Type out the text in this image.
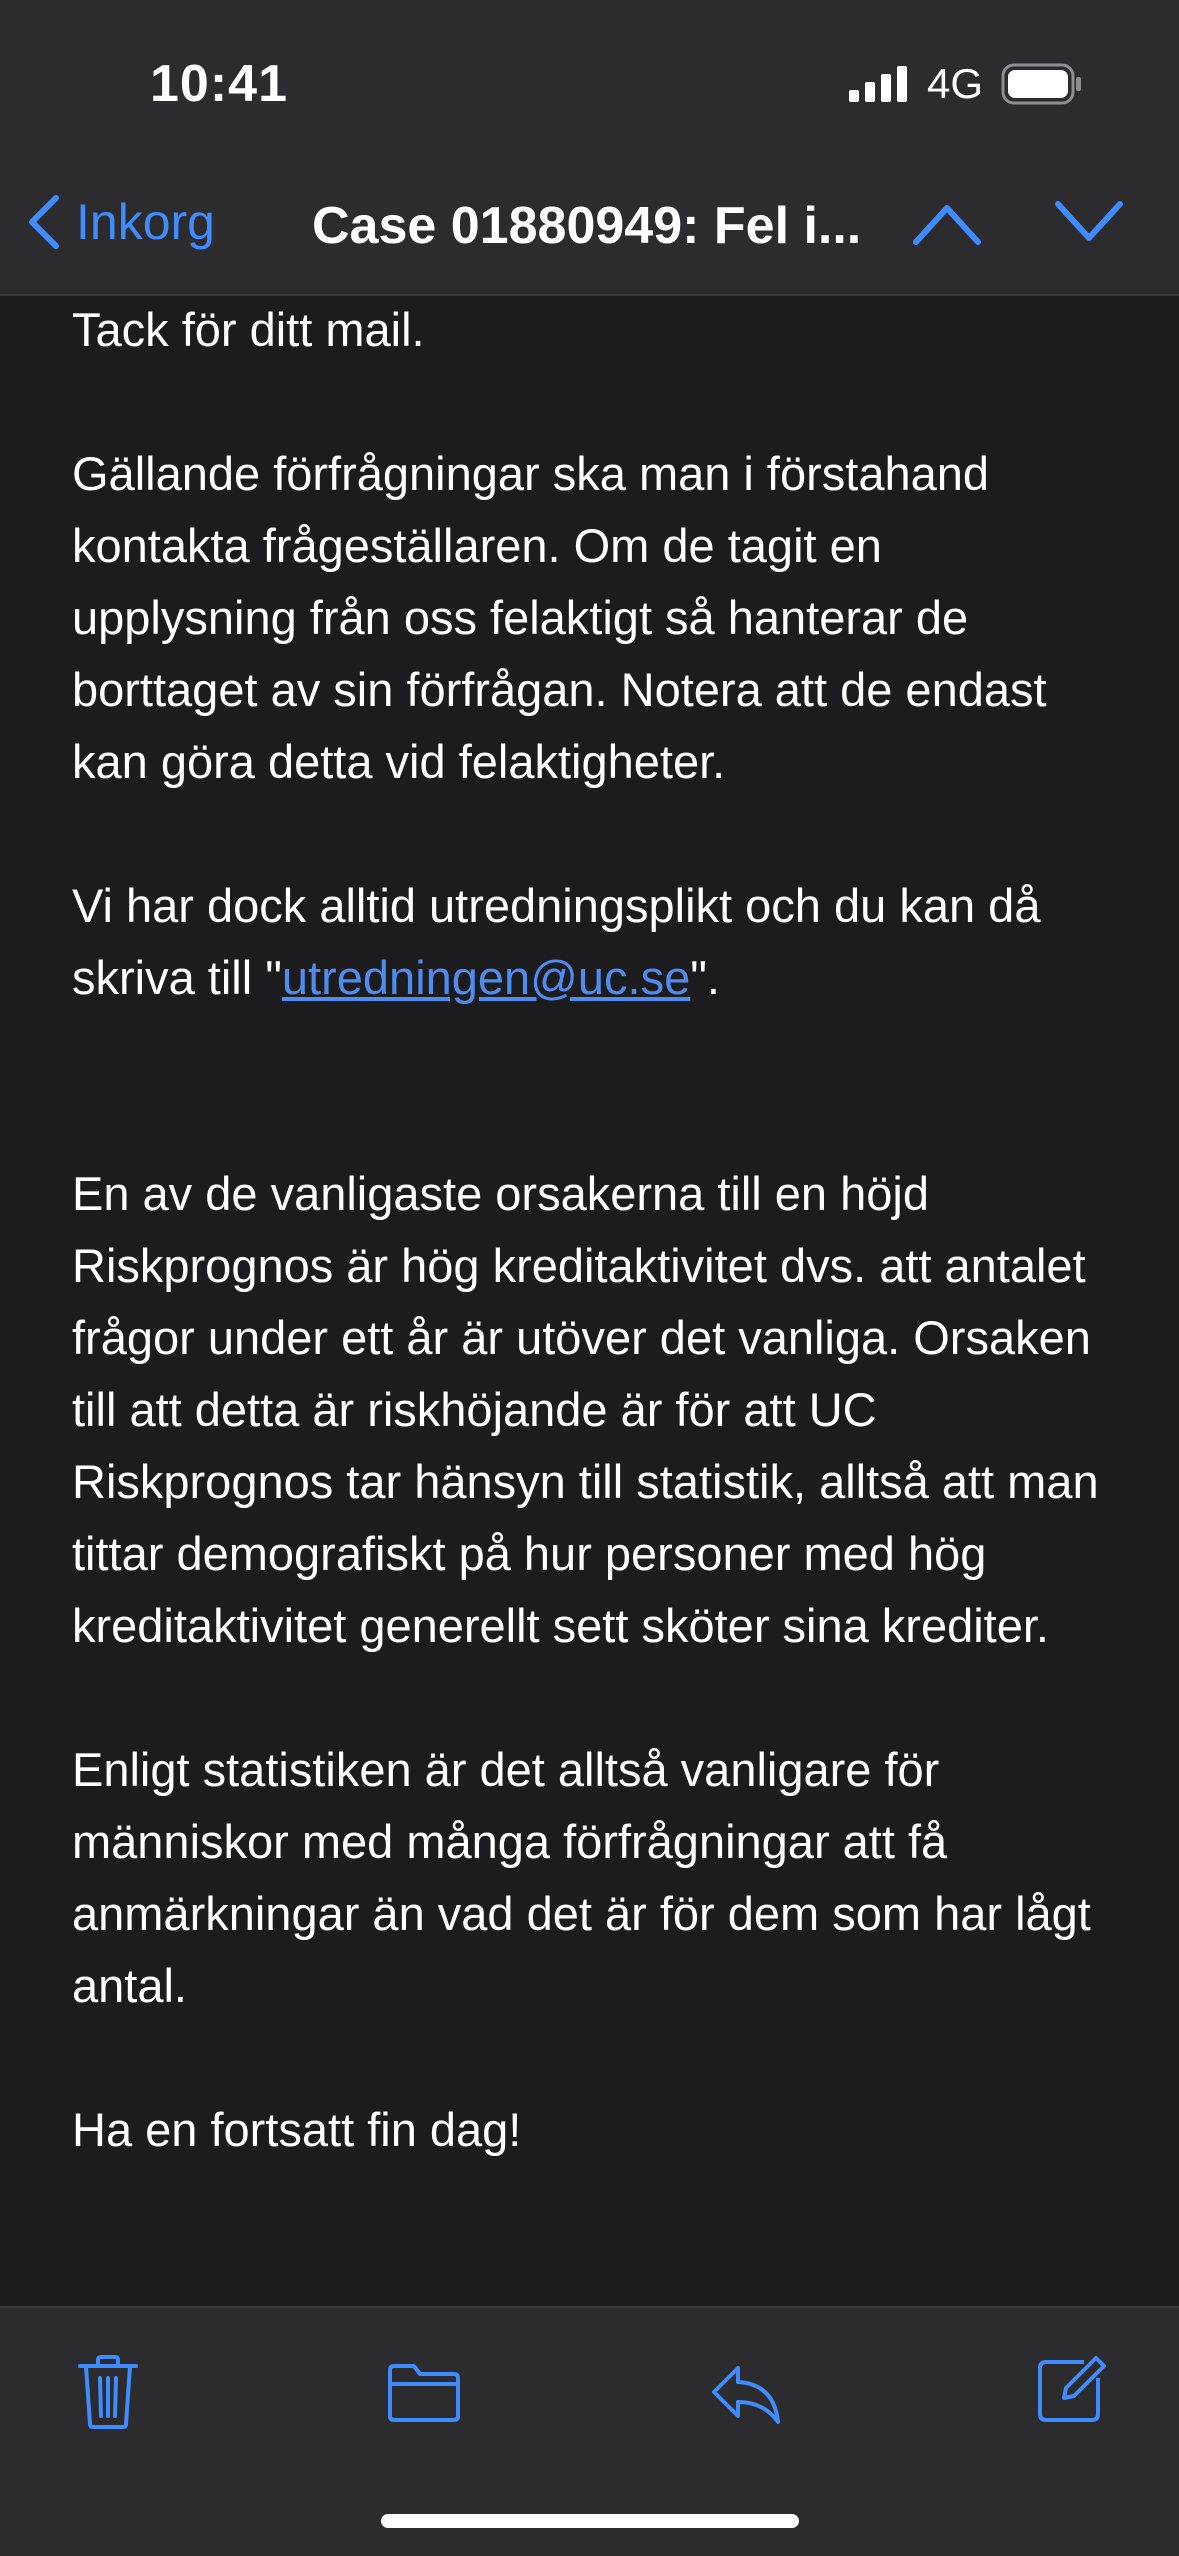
10:41	4G
Inkorg Case 01880949: Fel i...

Tack för ditt mail.

Gällande förfrågningar ska man i förstahand kontakta frågeställaren. Om de tagit en upplysning från oss felaktigt så hanterar de borttaget av sin förfrågan. Notera att de endast kan göra detta vid felaktigheter.

Vi har dock alltid utredningsplikt och du kan då skriva till "utredningen@uc.se".

En av de vanligaste orsakerna till en höjd Riskprognos är hög kreditaktivitet dvs. att antalet frågor under ett år är utöver det vanliga. Orsaken till att detta är riskhöjande är för att UC Riskprognos tar hänsyn till statistik, alltså att man tittar demografiskt på hur personer med hög kreditaktivitet generellt sett sköter sina krediter.

Enligt statistiken är det alltså vanligare för människor med många förfrågningar att få anmärkningar än vad det är för dem som har lågt antal.

Ha en fortsatt fin dag!
